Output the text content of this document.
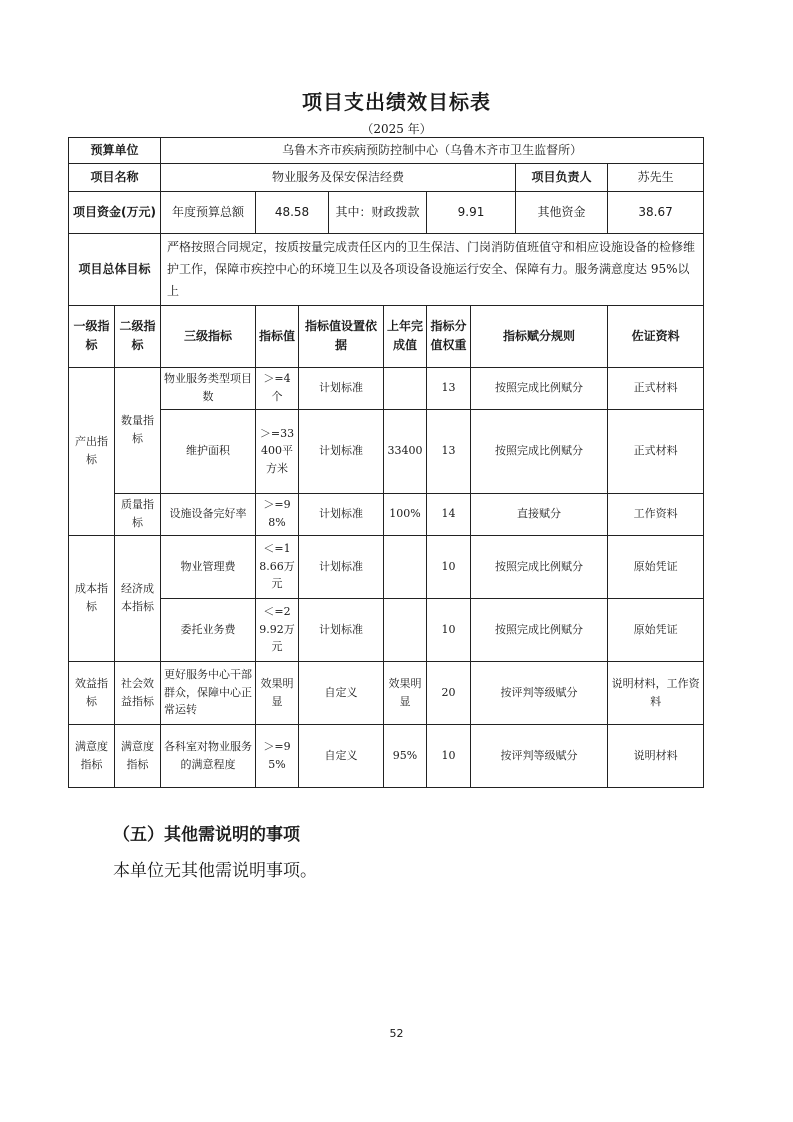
项目支出绩效目标表
（2025 年）
预算单位		乌鲁木齐市疾病预防控制中心（乌鲁木齐市卫生监督所）								
项目名称		物业服务及保安保洁经费							项目负责人	苏先生
项目资金(万元)		年度预算总额	48.58		其中：财政拨款		9.91		其他资金	38.67
项目总体目标		严格按照合同规定，按质按量完成责任区内的卫生保洁、门岗消防值班值守和相应设施设备的检修维护工作，保障市疾控中心的环境卫生以及各项设备设施运行安全、保障有力。服务满意度达 95%以上								
一级指标	二级指标	三级指标	指标值	指标值设置依据		上年完成值	指标分值权重	指标赋分规则		佐证资料
产出指标	数量指标	物业服务类型项目数	＞=4个	计划标准			13	按照完成比例赋分		正式材料
		维护面积	＞=33400平方米	计划标准		33400	13	按照完成比例赋分		正式材料
	质量指标	设施设备完好率	＞=98%	计划标准		100%	14	直接赋分		工作资料
成本指标	经济成本指标	物业管理费	＜=18.66万元	计划标准			10	按照完成比例赋分		原始凭证
		委托业务费	＜=29.92万元	计划标准			10	按照完成比例赋分		原始凭证
效益指标	社会效益指标	更好服务中心干部群众，保障中心正常运转	效果明显	自定义		效果明显	20	按评判等级赋分		说明材料，工作资料
满意度指标	满意度指标	各科室对物业服务的满意程度	＞=95%	自定义		95%	10	按评判等级赋分		说明材料
（五）其他需说明的事项
本单位无其他需说明事项。
52
